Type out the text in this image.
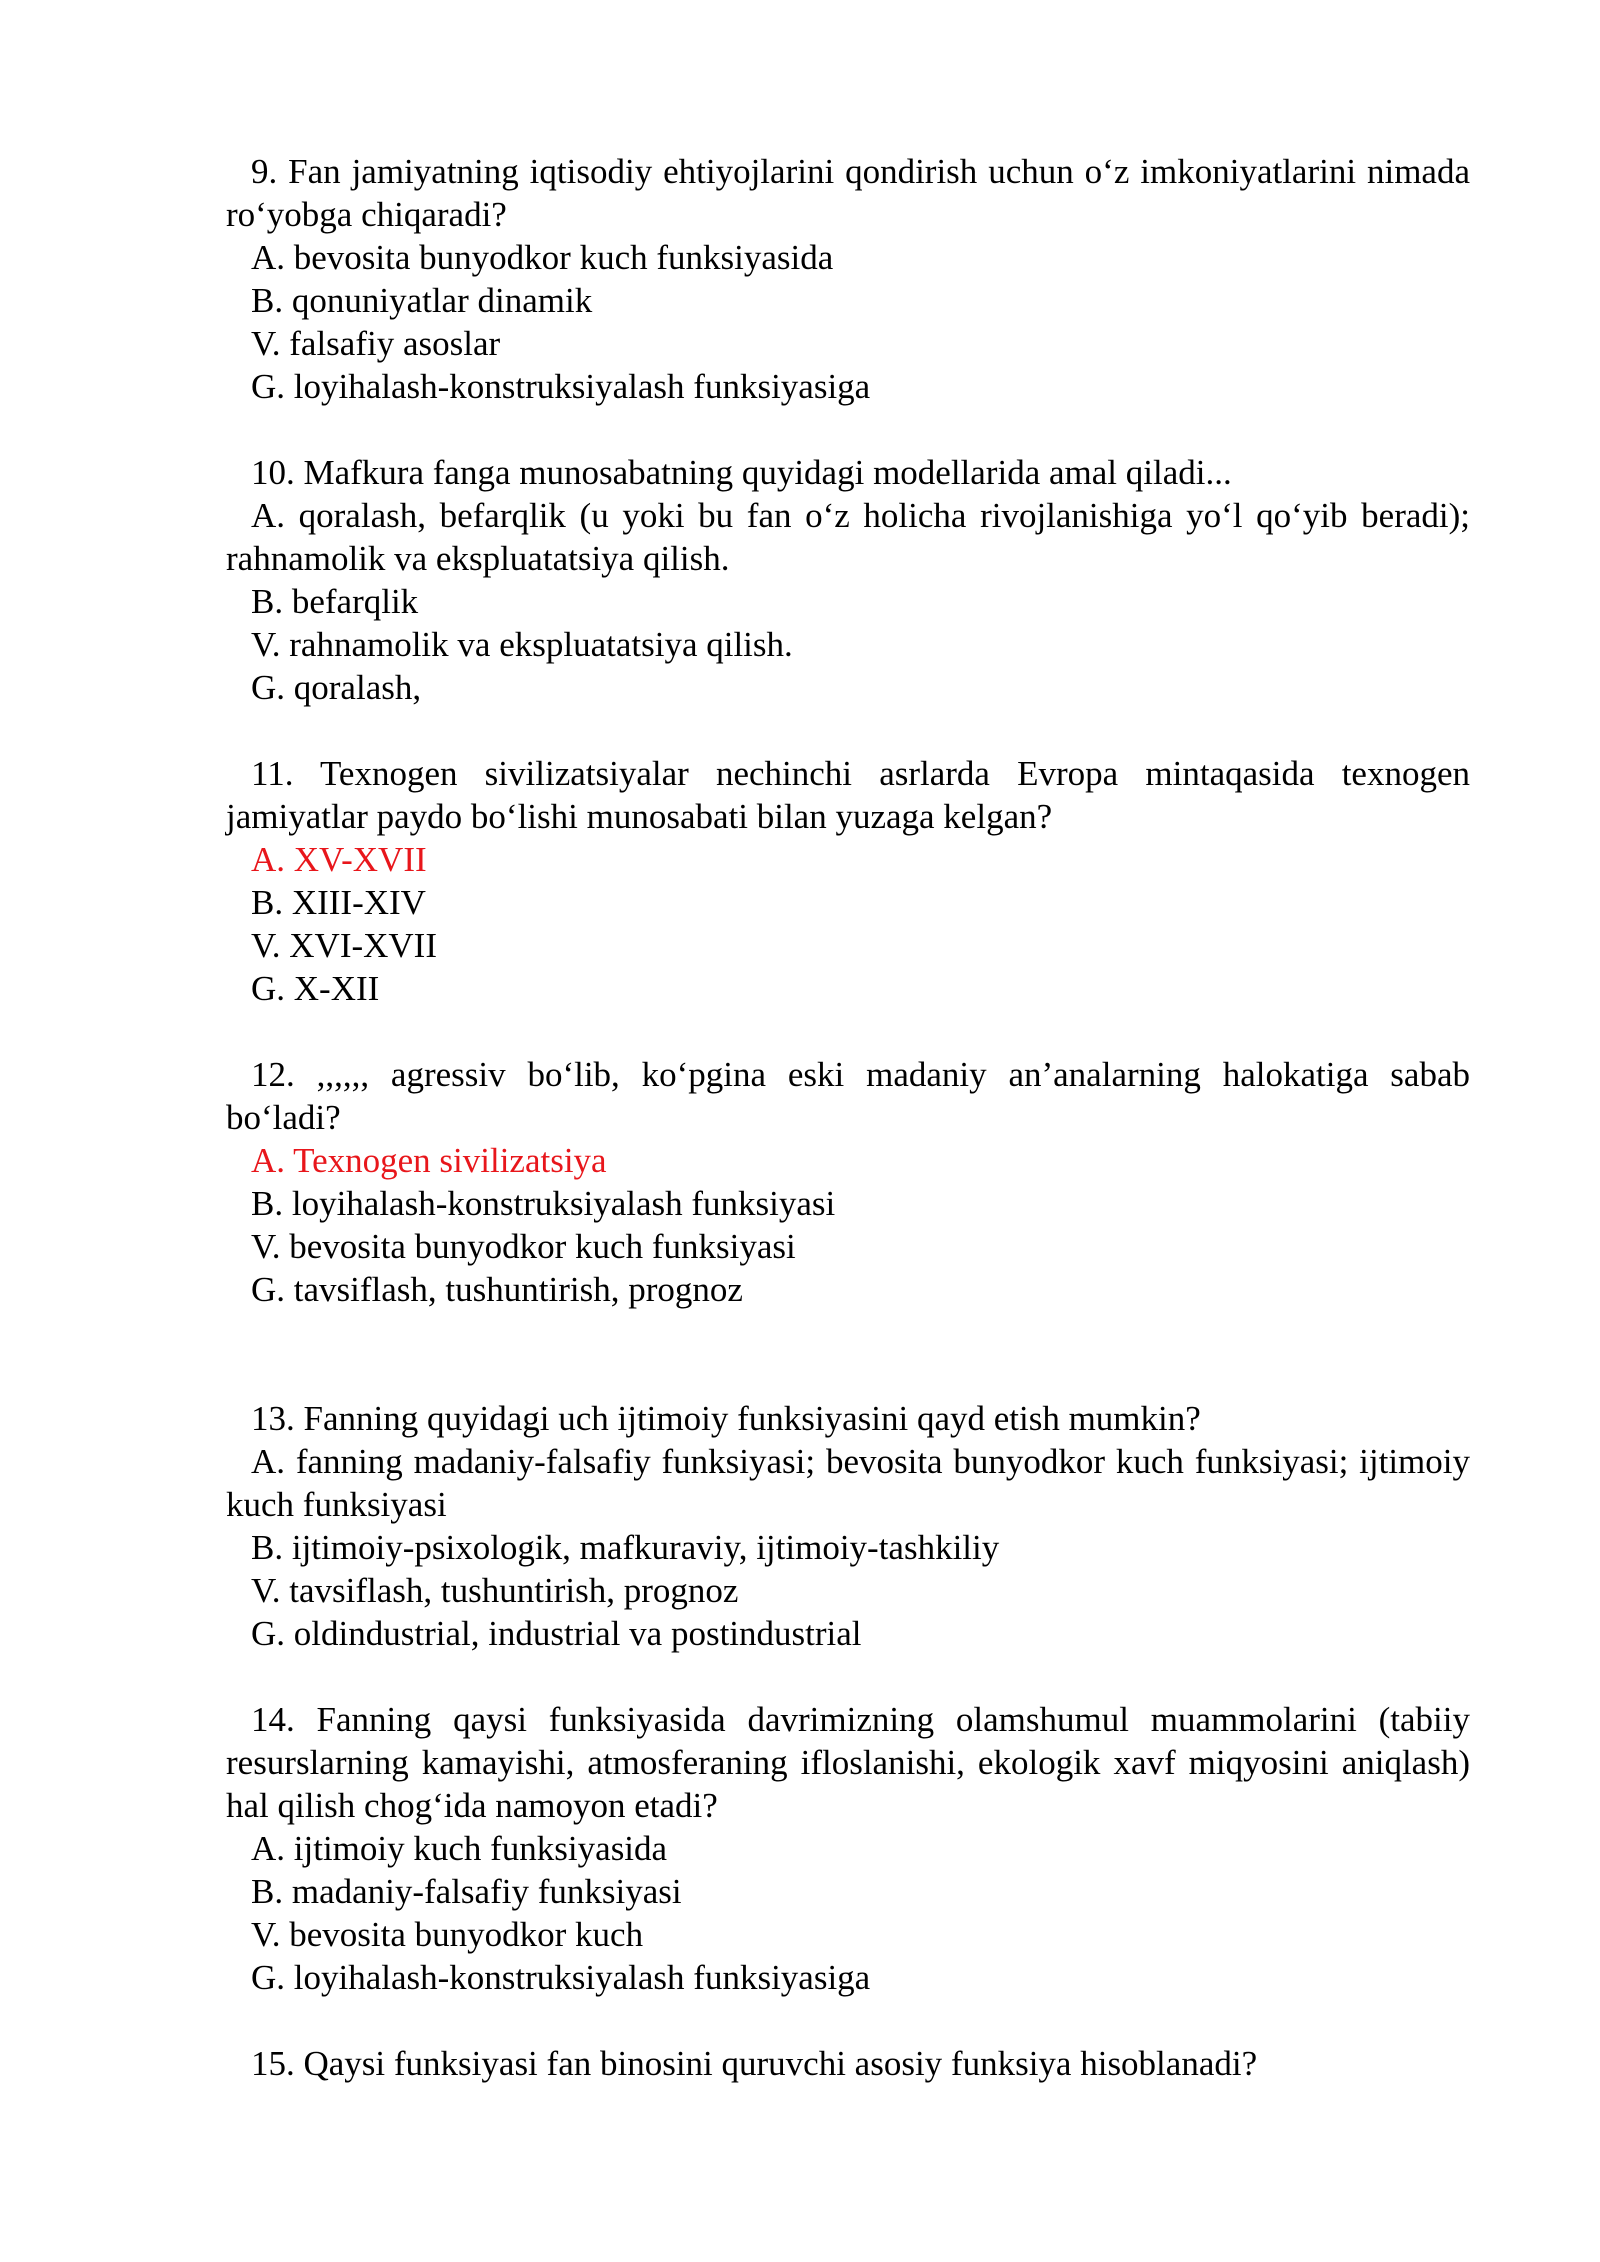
9. Fan jamiyatning iqtisodiy ehtiyojlarini qondirish uchun o‘z imkoniyatlarini nimada ro‘yobga chiqaradi?

A. bevosita bunyodkor kuch funksiyasida

B. qonuniyatlar dinamik

V. falsafiy asoslar

G. loyihalash-konstruksiyalash funksiyasiga

10. Mafkura fanga munosabatning quyidagi modellarida amal qiladi...

A. qoralash, befarqlik (u yoki bu fan o‘z holicha rivojlanishiga yo‘l qo‘yib beradi); rahnamolik va ekspluatatsiya qilish.

B. befarqlik

V. rahnamolik va ekspluatatsiya qilish.

G. qoralash,

11. Texnogen sivilizatsiyalar nechinchi asrlarda Evropa mintaqasida texnogen jamiyatlar paydo bo‘lishi munosabati bilan yuzaga kelgan?

A. XV-XVII

B. XIII-XIV

V. XVI-XVII

G. X-XII

12. ,,,,,, agressiv bo‘lib, ko‘pgina eski madaniy an’analarning halokatiga sabab bo‘ladi?

A. Texnogen sivilizatsiya

B. loyihalash-konstruksiyalash funksiyasi

V. bevosita bunyodkor kuch funksiyasi

G. tavsiflash, tushuntirish, prognoz

13. Fanning quyidagi uch ijtimoiy funksiyasini qayd etish mumkin?

A. fanning madaniy-falsafiy funksiyasi; bevosita bunyodkor kuch funksiyasi; ijtimoiy kuch funksiyasi

B. ijtimoiy-psixologik, mafkuraviy, ijtimoiy-tashkiliy

V. tavsiflash, tushuntirish, prognoz

G. oldindustrial, industrial va postindustrial

14. Fanning qaysi funksiyasida davrimizning olamshumul muammolarini (tabiiy resurslarning kamayishi, atmosferaning ifloslanishi, ekologik xavf miqyosini aniqlash) hal qilish chog‘ida namoyon etadi?

A. ijtimoiy kuch funksiyasida

B. madaniy-falsafiy funksiyasi

V. bevosita bunyodkor kuch

G. loyihalash-konstruksiyalash funksiyasiga

15. Qaysi funksiyasi fan binosini quruvchi asosiy funksiya hisoblanadi?
